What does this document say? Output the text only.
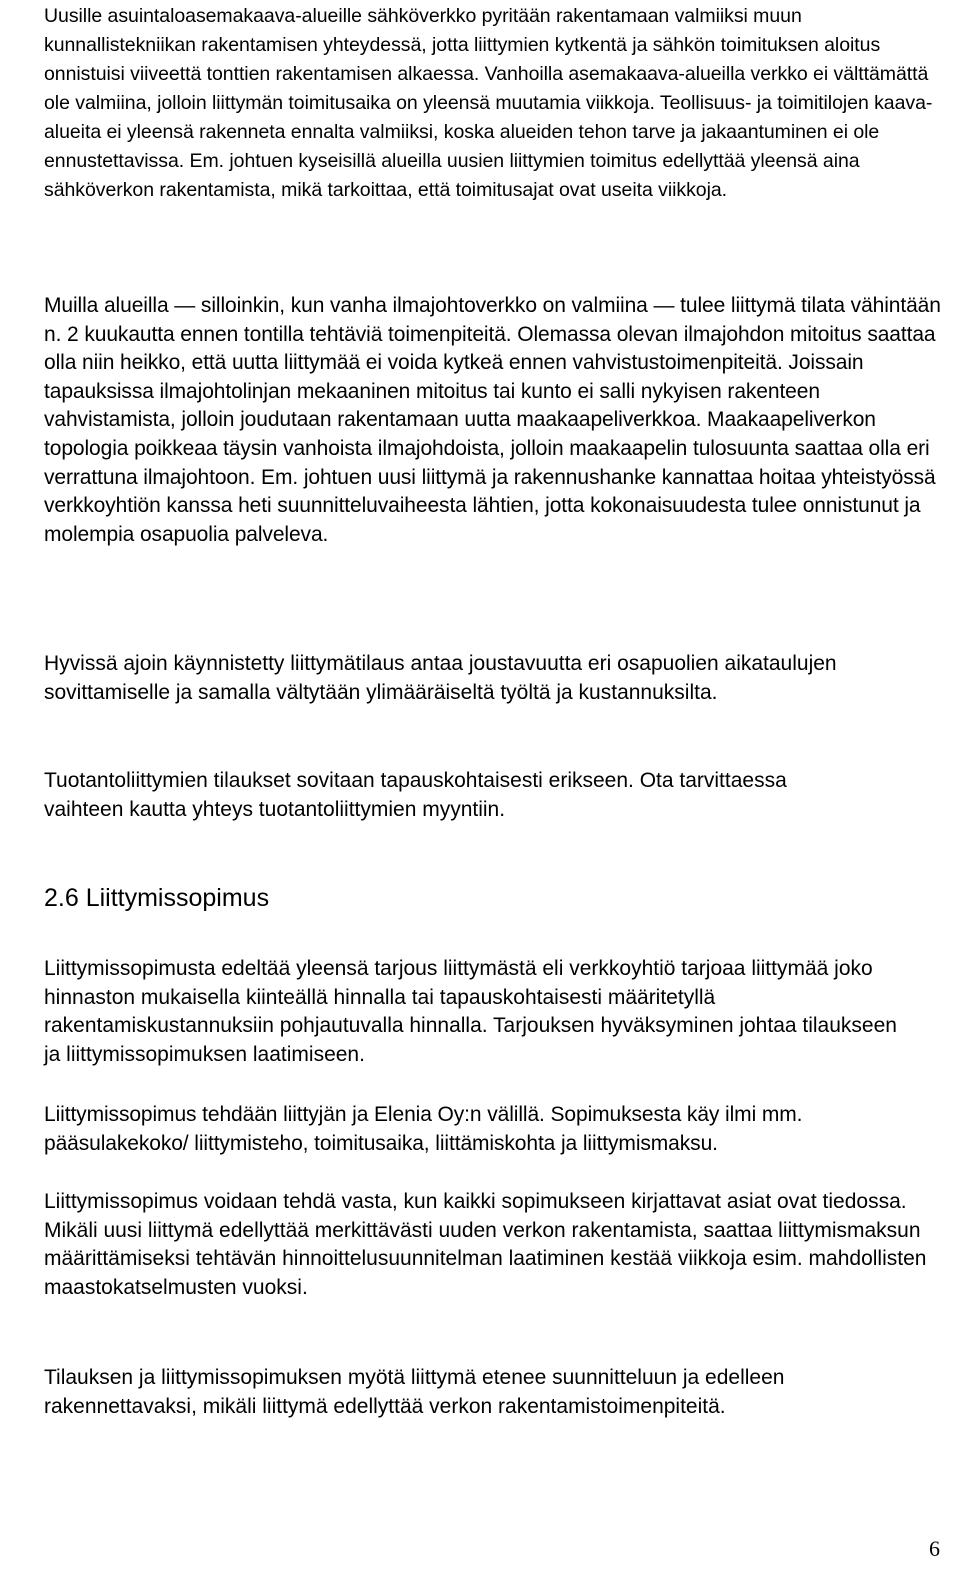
Uusille asuintaloasemakaava-alueille sähköverkko pyritään rakentamaan valmiiksi muun kunnallistekniikan rakentamisen yhteydessä, jotta liittymien kytkentä ja sähkön toimituksen aloitus onnistuisi viiveettä tonttien rakentamisen alkaessa. Vanhoilla asemakaava-alueilla verkko ei välttämättä ole valmiina, jolloin liittymän toimitusaika on yleensä muutamia viikkoja. Teollisuus- ja toimitilojen kaava-alueita ei yleensä rakenneta ennalta valmiiksi, koska alueiden tehon tarve ja jakaantuminen ei ole ennustettavissa. Em. johtuen kyseisillä alueilla uusien liittymien toimitus edellyttää yleensä aina sähköverkon rakentamista, mikä tarkoittaa, että toimitusajat ovat useita viikkoja.

Muilla alueilla — silloinkin, kun vanha ilmajohtoverkko on valmiina — tulee liittymä tilata vähintään n. 2 kuukautta ennen tontilla tehtäviä toimenpiteitä. Olemassa olevan ilmajohdon mitoitus saattaa olla niin heikko, että uutta liittymää ei voida kytkeä ennen vahvistustoimenpiteitä. Joissain tapauksissa ilmajohtolinjan mekaaninen mitoitus tai kunto ei salli nykyisen rakenteen vahvistamista, jolloin joudutaan rakentamaan uutta maakaapeliverkkoa. Maakaapeliverkon topologia poikkeaa täysin vanhoista ilmajohdoista, jolloin maakaapelin tulosuunta saattaa olla eri verrattuna ilmajohtoon. Em. johtuen uusi liittymä ja rakennushanke kannattaa hoitaa yhteistyössä verkkoyhtiön kanssa heti suunnitteluvaiheesta lähtien, jotta kokonaisuudesta tulee onnistunut ja molempia osapuolia palveleva.

Hyvissä ajoin käynnistetty liittymätilaus antaa joustavuutta eri osapuolien aikataulujen sovittamiselle ja samalla vältytään ylimääräiseltä työltä ja kustannuksilta.

Tuotantoliittymien tilaukset sovitaan tapauskohtaisesti erikseen. Ota tarvittaessa vaihteen kautta yhteys tuotantoliittymien myyntiin.

2.6 Liittymissopimus

Liittymissopimusta edeltää yleensä tarjous liittymästä eli verkkoyhtiö tarjoaa liittymää joko hinnaston mukaisella kiinteällä hinnalla tai tapauskohtaisesti määritetyllä rakentamiskustannuksiin pohjautuvalla hinnalla. Tarjouksen hyväksyminen johtaa tilaukseen ja liittymissopimuksen laatimiseen.

Liittymissopimus tehdään liittyjän ja Elenia Oy:n välillä. Sopimuksesta käy ilmi mm. pääsulakekoko/ liittymisteho, toimitusaika, liittämiskohta ja liittymismaksu.

Liittymissopimus voidaan tehdä vasta, kun kaikki sopimukseen kirjattavat asiat ovat tiedossa. Mikäli uusi liittymä edellyttää merkittävästi uuden verkon rakentamista, saattaa liittymismaksun määrittämiseksi tehtävän hinnoittelusuunnitelman laatiminen kestää viikkoja esim. mahdollisten maastokatselmusten vuoksi.

Tilauksen ja liittymissopimuksen myötä liittymä etenee suunnitteluun ja edelleen rakennettavaksi, mikäli liittymä edellyttää verkon rakentamistoimenpiteitä.

6
